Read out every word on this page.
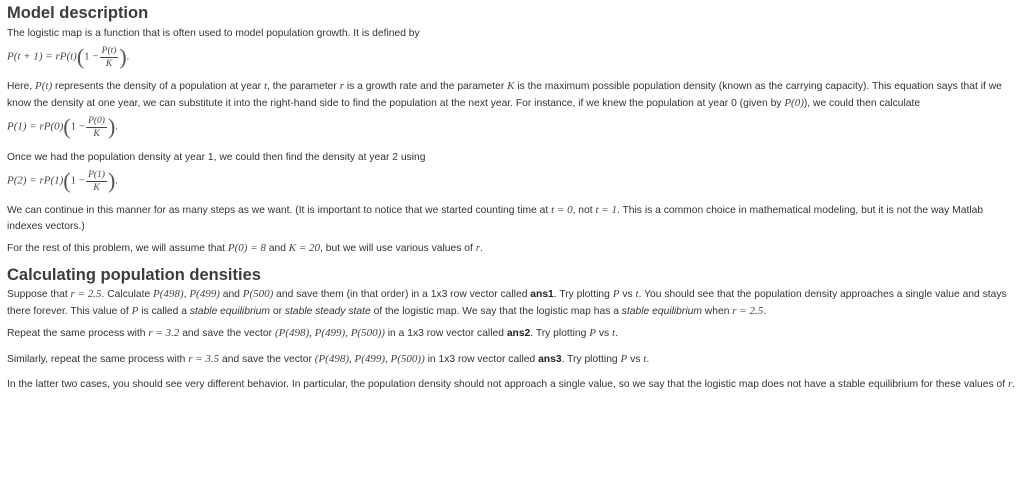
Model description

The logistic map is a function that is often used to model population growth. It is defined by

$P(t + 1) = rP(t)(1 - \frac{P(t)}{K}$ ).

Here, P(t) represents the density of a population at year t, the parameter r is a growth rate and the parameter K is the maximum possible population density (known as the carrying capacity). This equation says that if we know the density at one year, we can substitute it into the right-hand side to find the population at the next year. For instance, if we knew the population at year 0 (given by P(0)), we could then calculate

$P(1) = rP(0)(1 - \frac{P(0)}{K}$ ).

Once we had the population density at year 1, we could then find the density at year 2 using

$P(2) = rP(1)(1 - \frac{P(1)}{K}$ ).

We can continue in this manner for as many steps as we want. (It is important to notice that we started counting time at t = 0, not t = 1. This is a common choice in mathematical modeling, but it is not the way Matlab indexes vectors.)

For the rest of this problem, we will assume that P(0) = 8 and K = 20, but we will use various values of r.

Calculating population densities

Suppose that r = 2.5. Calculate P(498), P(499) and P(500) and save them (in that order) in a 1x3 row vector called ans1. Try plotting P vs t. You should see that the population density approaches a single value and stays there forever. This value of P is called a stable equilibrium or stable steady state of the logistic map. We say that the logistic map has a stable equilibrium when r = 2.5.

Repeat the same process with r = 3.2 and save the vector (P(498), P(499), P(500)) in a 1x3 row vector called ans2. Try plotting P vs t.

Similarly, repeat the same process with r = 3.5 and save the vector (P(498), P(499), P(500)) in 1x3 row vector called ans3. Try plotting P vs t.

In the latter two cases, you should see very different behavior. In particular, the population density should not approach a single value, so we say that the logistic map does not have a stable equilibrium for these values of r.
